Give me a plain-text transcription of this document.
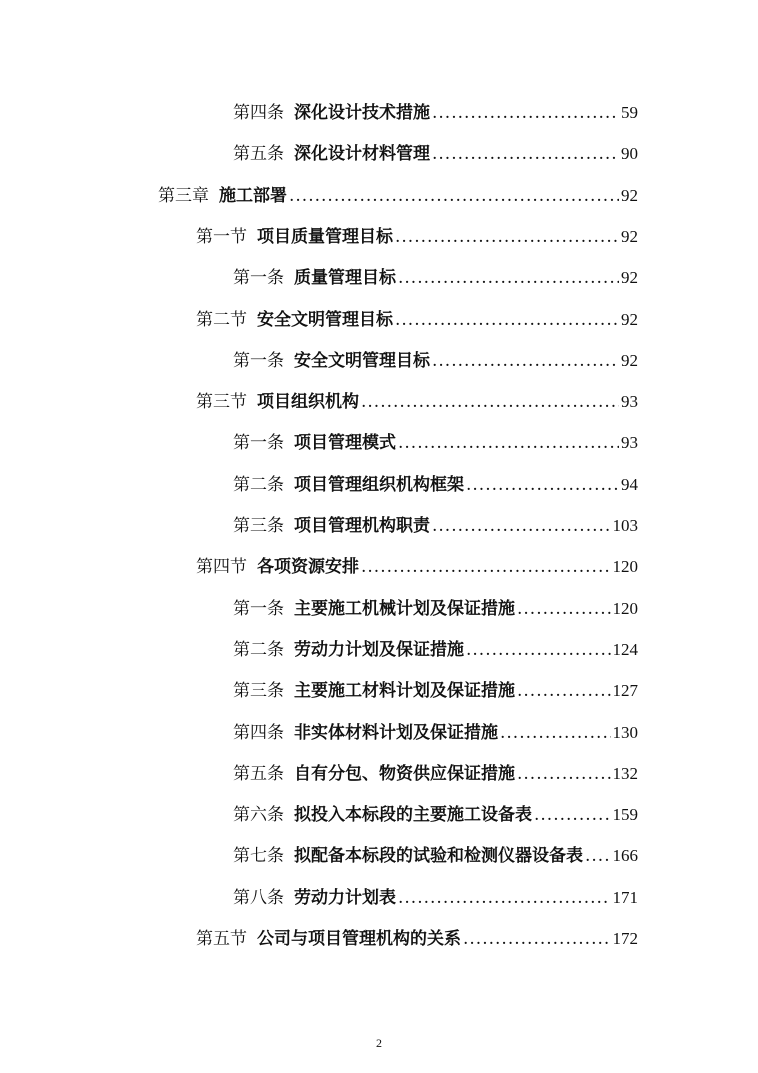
第四条 深化设计技术措施 .....	59
第五条 深化设计材料管理 .....	90
第三章 施工部署 .....	92
第一节 项目质量管理目标 .....	92
第一条 质量管理目标 .....	92
第二节 安全文明管理目标 .....	92
第一条 安全文明管理目标 .....	92
第三节 项目组织机构 .....	93
第一条 项目管理模式 .....	93
第二条 项目管理组织机构框架 .....	94
第三条 项目管理机构职责 .....	103
第四节 各项资源安排 .....	120
第一条 主要施工机械计划及保证措施 .....	120
第二条 劳动力计划及保证措施 .....	124
第三条 主要施工材料计划及保证措施 .....	127
第四条 非实体材料计划及保证措施 .....	130
第五条 自有分包、物资供应保证措施 .....	132
第六条 拟投入本标段的主要施工设备表 .....	159
第七条 拟配备本标段的试验和检测仪器设备表 ..... 166
第八条 劳动力计划表 .....	171
第五节 公司与项目管理机构的关系 .....	172
2
